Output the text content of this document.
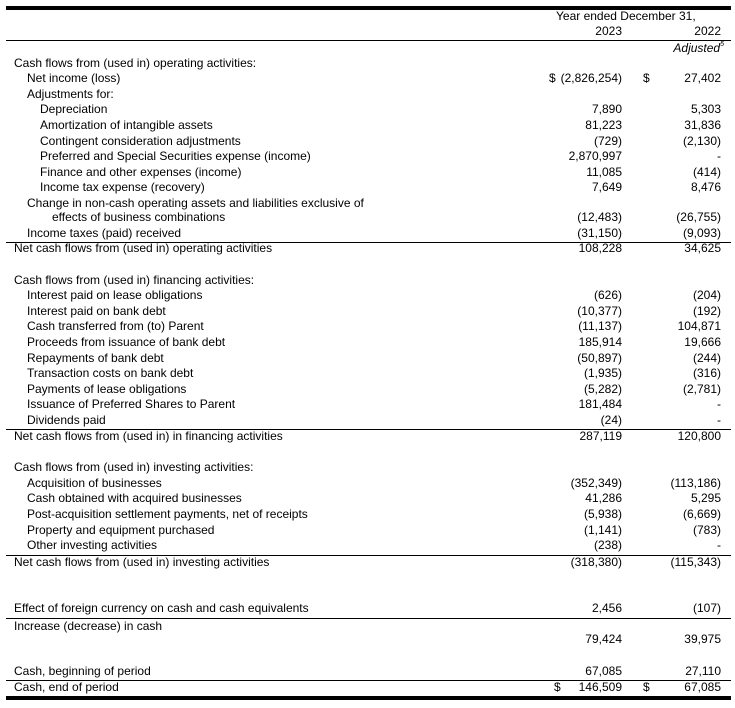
Year ended December 31,
2023	2022
Adjusted$^5$
Cash flows from (used in) operating activities:
Net income (loss)	$ (2,826,254) $	27,402
Adjustments for:
Depreciation	7,890	5,303
Amortization of intangible assets	81,223	31,836
Contingent consideration adjustments	(729)	(2,130)
Preferred and Special Securities expense (income)	2,870,997	-
Finance and other expenses (income)	11,085	(414)
Income tax expense (recovery)	7,649	8,476
Change in non-cash operating assets and liabilities exclusive of
effects of business combinations	(12,483)	(26,755)
Income taxes (paid) received	(31,150)	(9,093)
Net cash flows from (used in) operating activities	108,228	34,625
Cash flows from (used in) financing activities:
Interest paid on lease obligations	(626)	(204)
Interest paid on bank debt	(10,377)	(192)
Cash transferred from (to) Parent	(11,137)	104,871
Proceeds from issuance of bank debt	185,914	19,666
Repayments of bank debt	(50,897)	(244)
Transaction costs on bank debt	(1,935)	(316)
Payments of lease obligations	(5,282)	(2,781)
Issuance of Preferred Shares to Parent	181,484	-
Dividends paid	(24)	-
Net cash flows from (used in) in financing activities	287,119	120,800
Cash flows from (used in) investing activities:
Acquisition of businesses	(352,349)	(113,186)
Cash obtained with acquired businesses	41,286	5,295
Post-acquisition settlement payments, net of receipts	(5,938)	(6,669)
Property and equipment purchased	(1,141)	(783)
Other investing activities	(238)	-
Net cash flows from (used in) investing activities	(318,380)	(115,343)
Effect of foreign currency on cash and cash equivalents	2,456	(107)
Increase (decrease) in cash
79,424	39,975
Cash, beginning of period	67,085	27,110
Cash, end of period	$ 146,509 $	67,085
